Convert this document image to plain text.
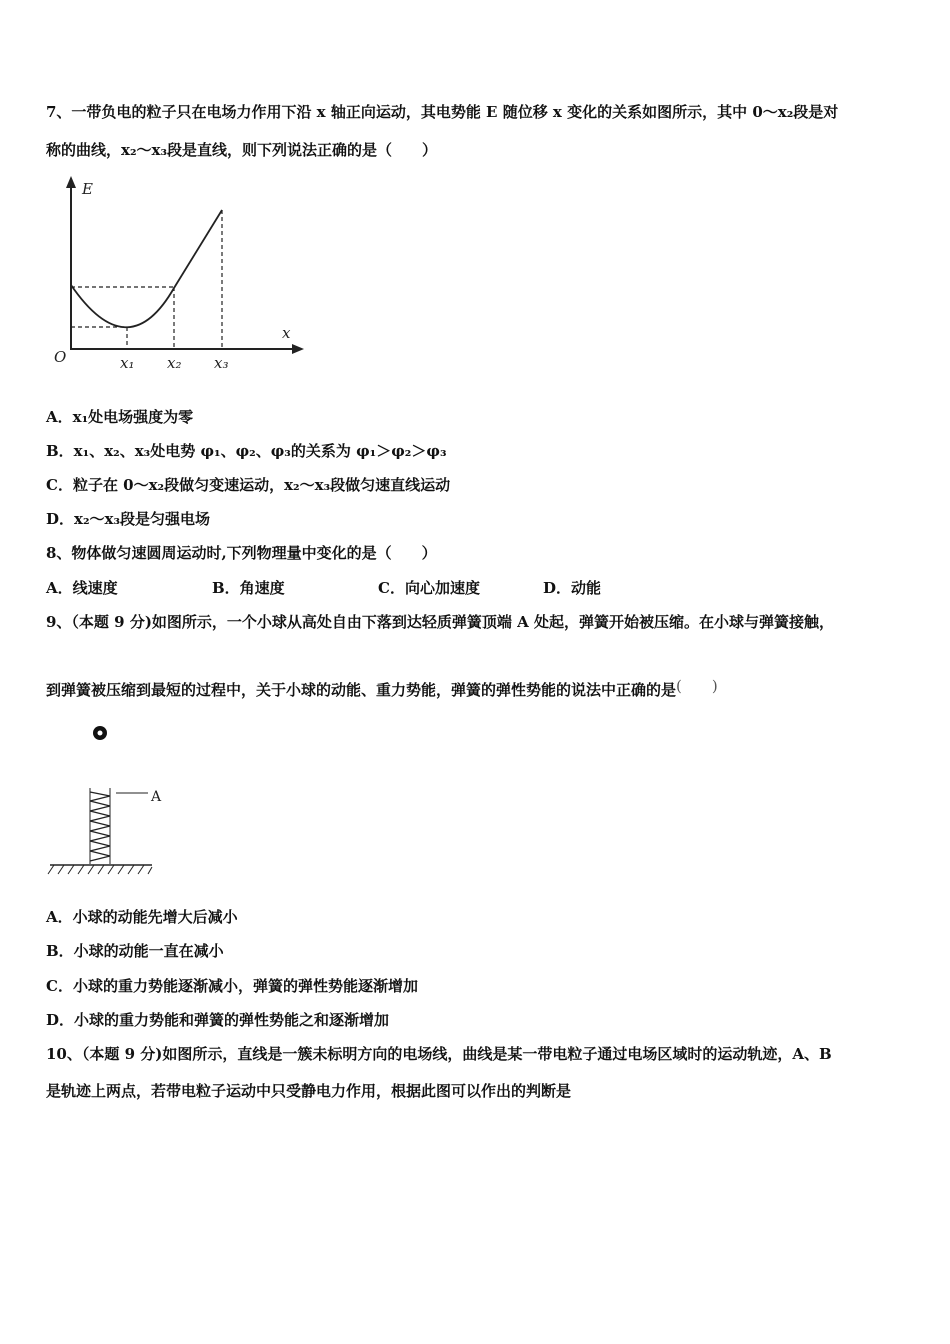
7、一带负电的粒子只在电场力作用下沿 x 轴正向运动，其电势能 E 随位移 x 变化的关系如图所示，其中 0～x₂段是对
称的曲线，x₂～x₃段是直线，则下列说法正确的是（　　）
E
x
O	x₁ x₂ x₃
A．x₁处电场强度为零
B．x₁、x₂、x₃处电势 φ₁、φ₂、φ₃的关系为 φ₁＞φ₂＞φ₃
C．粒子在 0～x₂段做匀变速运动，x₂～x₃段做匀速直线运动
D．x₂～x₃段是匀强电场
8、物体做匀速圆周运动时,下列物理量中变化的是（　　）
A．线速度	B．角速度	C．向心加速度	D．动能
9、（本题 9 分)如图所示，一个小球从高处自由下落到达轻质弹簧顶端 A 处起，弹簧开始被压缩。在小球与弹簧接触，
到弹簧被压缩到最短的过程中，关于小球的动能、重力势能，弹簧的弹性势能的说法中正确的是(　　)
A
A．小球的动能先增大后减小
B．小球的动能一直在减小
C．小球的重力势能逐渐减小，弹簧的弹性势能逐渐增加
D．小球的重力势能和弹簧的弹性势能之和逐渐增加
10、（本题 9 分)如图所示，直线是一簇未标明方向的电场线，曲线是某一带电粒子通过电场区域时的运动轨迹，A、B
是轨迹上两点，若带电粒子运动中只受静电力作用，根据此图可以作出的判断是
